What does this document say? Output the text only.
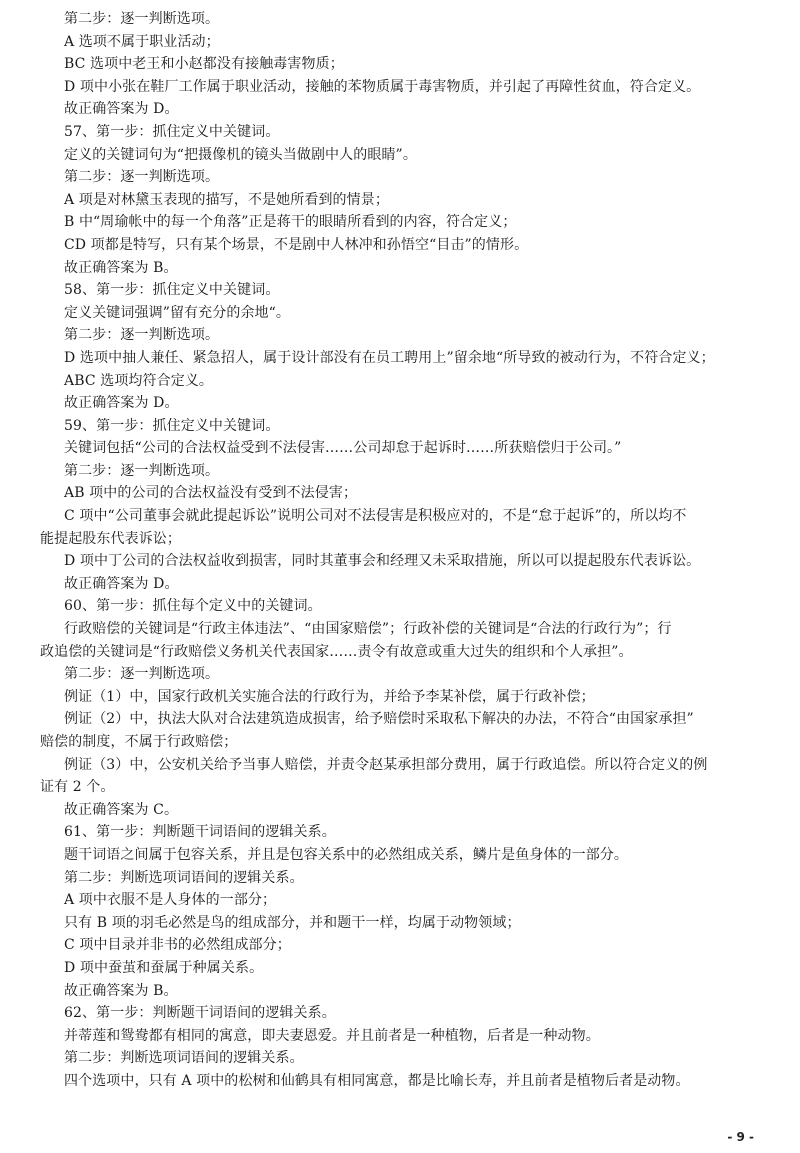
第二步：逐一判断选项。
A 选项不属于职业活动；
BC 选项中老王和小赵都没有接触毒害物质；
D 项中小张在鞋厂工作属于职业活动，接触的苯物质属于毒害物质，并引起了再障性贫血，符合定义。
故正确答案为 D。
57、第一步：抓住定义中关键词。
定义的关键词句为“把摄像机的镜头当做剧中人的眼睛”。
第二步：逐一判断选项。
A 项是对林黛玉表现的描写，不是她所看到的情景；
B 中“周瑜帐中的每一个角落”正是蒋干的眼睛所看到的内容，符合定义；
CD 项都是特写，只有某个场景，不是剧中人林冲和孙悟空“目击”的情形。
故正确答案为 B。
58、第一步：抓住定义中关键词。
定义关键词强调”留有充分的余地“。
第二步：逐一判断选项。
D 选项中抽人兼任、紧急招人，属于设计部没有在员工聘用上”留余地“所导致的被动行为，不符合定义；
ABC 选项均符合定义。
故正确答案为 D。
59、第一步：抓住定义中关键词。
关键词包括“公司的合法权益受到不法侵害……公司却怠于起诉时……所获赔偿归于公司。”
第二步：逐一判断选项。
AB 项中的公司的合法权益没有受到不法侵害；
C 项中“公司董事会就此提起诉讼”说明公司对不法侵害是积极应对的，不是“怠于起诉”的，所以均不
能提起股东代表诉讼；
D 项中丁公司的合法权益收到损害，同时其董事会和经理又未采取措施，所以可以提起股东代表诉讼。
故正确答案为 D。
60、第一步：抓住每个定义中的关键词。
行政赔偿的关键词是“行政主体违法”、“由国家赔偿”；行政补偿的关键词是“合法的行政行为”；行
政追偿的关键词是“行政赔偿义务机关代表国家……责令有故意或重大过失的组织和个人承担”。
第二步：逐一判断选项。
例证（1）中，国家行政机关实施合法的行政行为，并给予李某补偿，属于行政补偿；
例证（2）中，执法大队对合法建筑造成损害，给予赔偿时采取私下解决的办法，不符合“由国家承担”
赔偿的制度，不属于行政赔偿；
例证（3）中，公安机关给予当事人赔偿，并责令赵某承担部分费用，属于行政追偿。所以符合定义的例
证有 2 个。
故正确答案为 C。
61、第一步：判断题干词语间的逻辑关系。
题干词语之间属于包容关系，并且是包容关系中的必然组成关系，鳞片是鱼身体的一部分。
第二步：判断选项词语间的逻辑关系。
A 项中衣服不是人身体的一部分；
只有 B 项的羽毛必然是鸟的组成部分，并和题干一样，均属于动物领域；
C 项中目录并非书的必然组成部分；
D 项中蚕茧和蚕属于种属关系。
故正确答案为 B。
62、第一步：判断题干词语间的逻辑关系。
并蒂莲和鸳鸯都有相同的寓意，即夫妻恩爱。并且前者是一种植物，后者是一种动物。
第二步：判断选项词语间的逻辑关系。
四个选项中，只有 A 项中的松树和仙鹤具有相同寓意，都是比喻长寿，并且前者是植物后者是动物。
- 9 -
